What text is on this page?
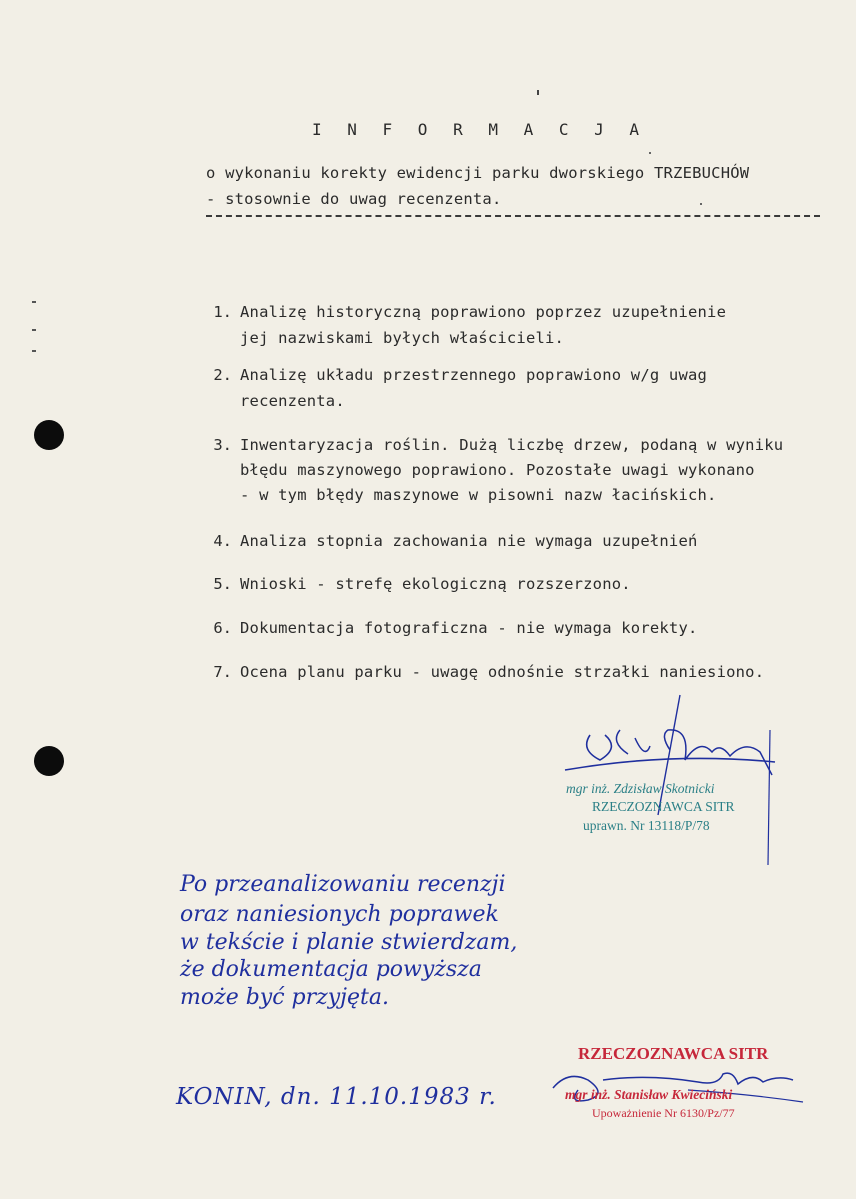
I N F O R M A C J A
o wykonaniu korekty ewidencji parku dworskiego TRZEBUCHÓW
- stosownie do uwag recenzenta.
1. Analizę historyczną poprawiono poprzez uzupełnienie
jej nazwiskami byłych właścicieli.
2. Analizę układu przestrzennego poprawiono w/g uwag
recenzenta.
3. Inwentaryzacja roślin. Dużą liczbę drzew, podaną w wyniku
błędu maszynowego poprawiono. Pozostałe uwagi wykonano
- w tym błędy maszynowe w pisowni nazw łacińskich.
4. Analiza stopnia zachowania nie wymaga uzupełnień
5. Wnioski - strefę ekologiczną rozszerzono.
6. Dokumentacja fotograficzna - nie wymaga korekty.
7. Ocena planu parku - uwagę odnośnie strzałki naniesiono.
mgr inż. Zdzisław Skotnicki
RZECZOZNAWCA SITR
uprawn. Nr 13118/P/78
Po przeanalizowaniu recenzji
oraz naniesionych poprawek
w tekście i planie stwierdzam,
że dokumentacja powyższa
może być przyjęta.
KONIN, dn. 11.10.1983 r.
RZECZOZNAWCA SITR
mgr inż. Stanisław Kwieciński
Upoważnienie Nr 6130/Pz/77
